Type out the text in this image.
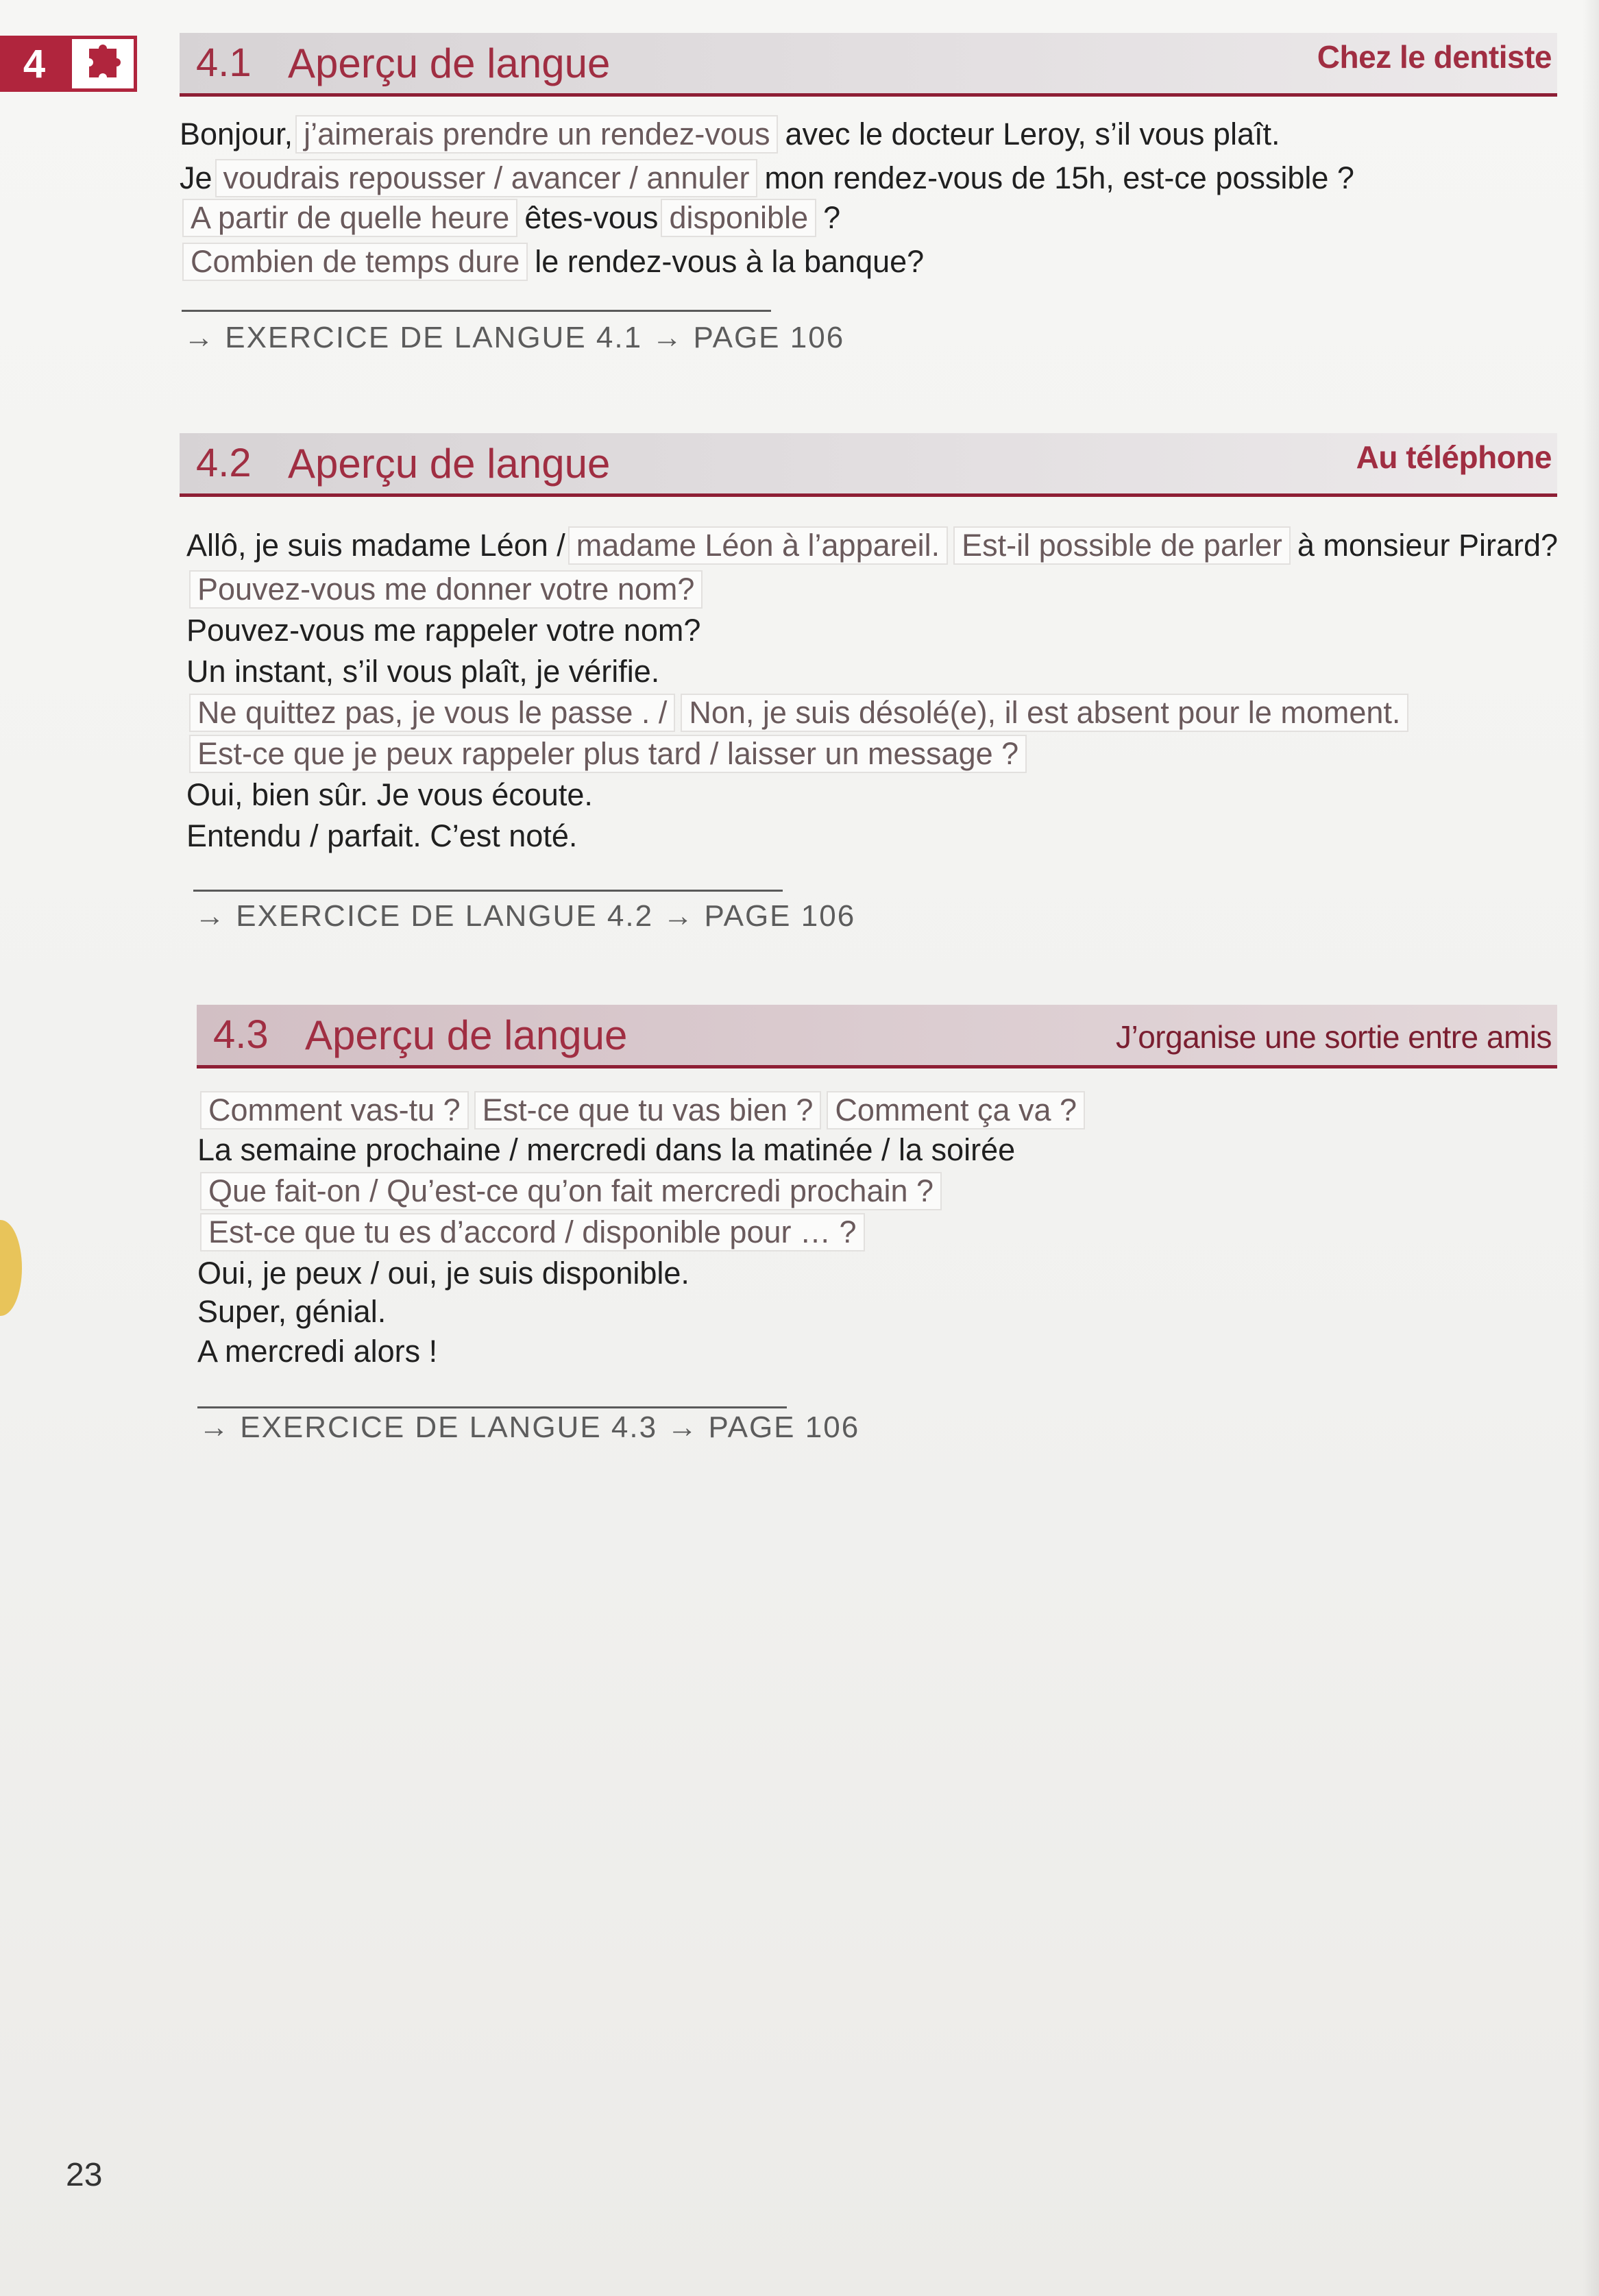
4	4.1 Aperçu de langue	Chez le dentiste
Bonjour, j’aimerais prendre un rendez-vous avec le docteur Leroy, s’il vous plaît.
Je voudrais repousser / avancer / annuler mon rendez-vous de 15h, est-ce possible ?
A partir de quelle heure êtes-vous disponible ?
Combien de temps dure le rendez-vous à la banque?
→ EXERCICE DE LANGUE 4.1 → PAGE 106
4.2 Aperçu de langue	Au téléphone
Allô, je suis madame Léon / madame Léon à l’appareil. Est-il possible de parler à monsieur Pirard?
Pouvez-vous me donner votre nom?
Pouvez-vous me rappeler votre nom?
Un instant, s’il vous plaît, je vérifie.
Ne quittez pas, je vous le passe . / Non, je suis désolé(e), il est absent pour le moment.
Est-ce que je peux rappeler plus tard / laisser un message ?
Oui, bien sûr. Je vous écoute.
Entendu / parfait. C’est noté.
→ EXERCICE DE LANGUE 4.2 → PAGE 106
4.3 Aperçu de langue	J’organise une sortie entre amis
Comment vas-tu ? Est-ce que tu vas bien ? Comment ça va ?
La semaine prochaine / mercredi dans la matinée / la soirée
Que fait-on / Qu’est-ce qu’on fait mercredi prochain ?
Est-ce que tu es d’accord / disponible pour … ?
Oui, je peux / oui, je suis disponible.
Super, génial.
A mercredi alors !
→ EXERCICE DE LANGUE 4.3 → PAGE 106
23
